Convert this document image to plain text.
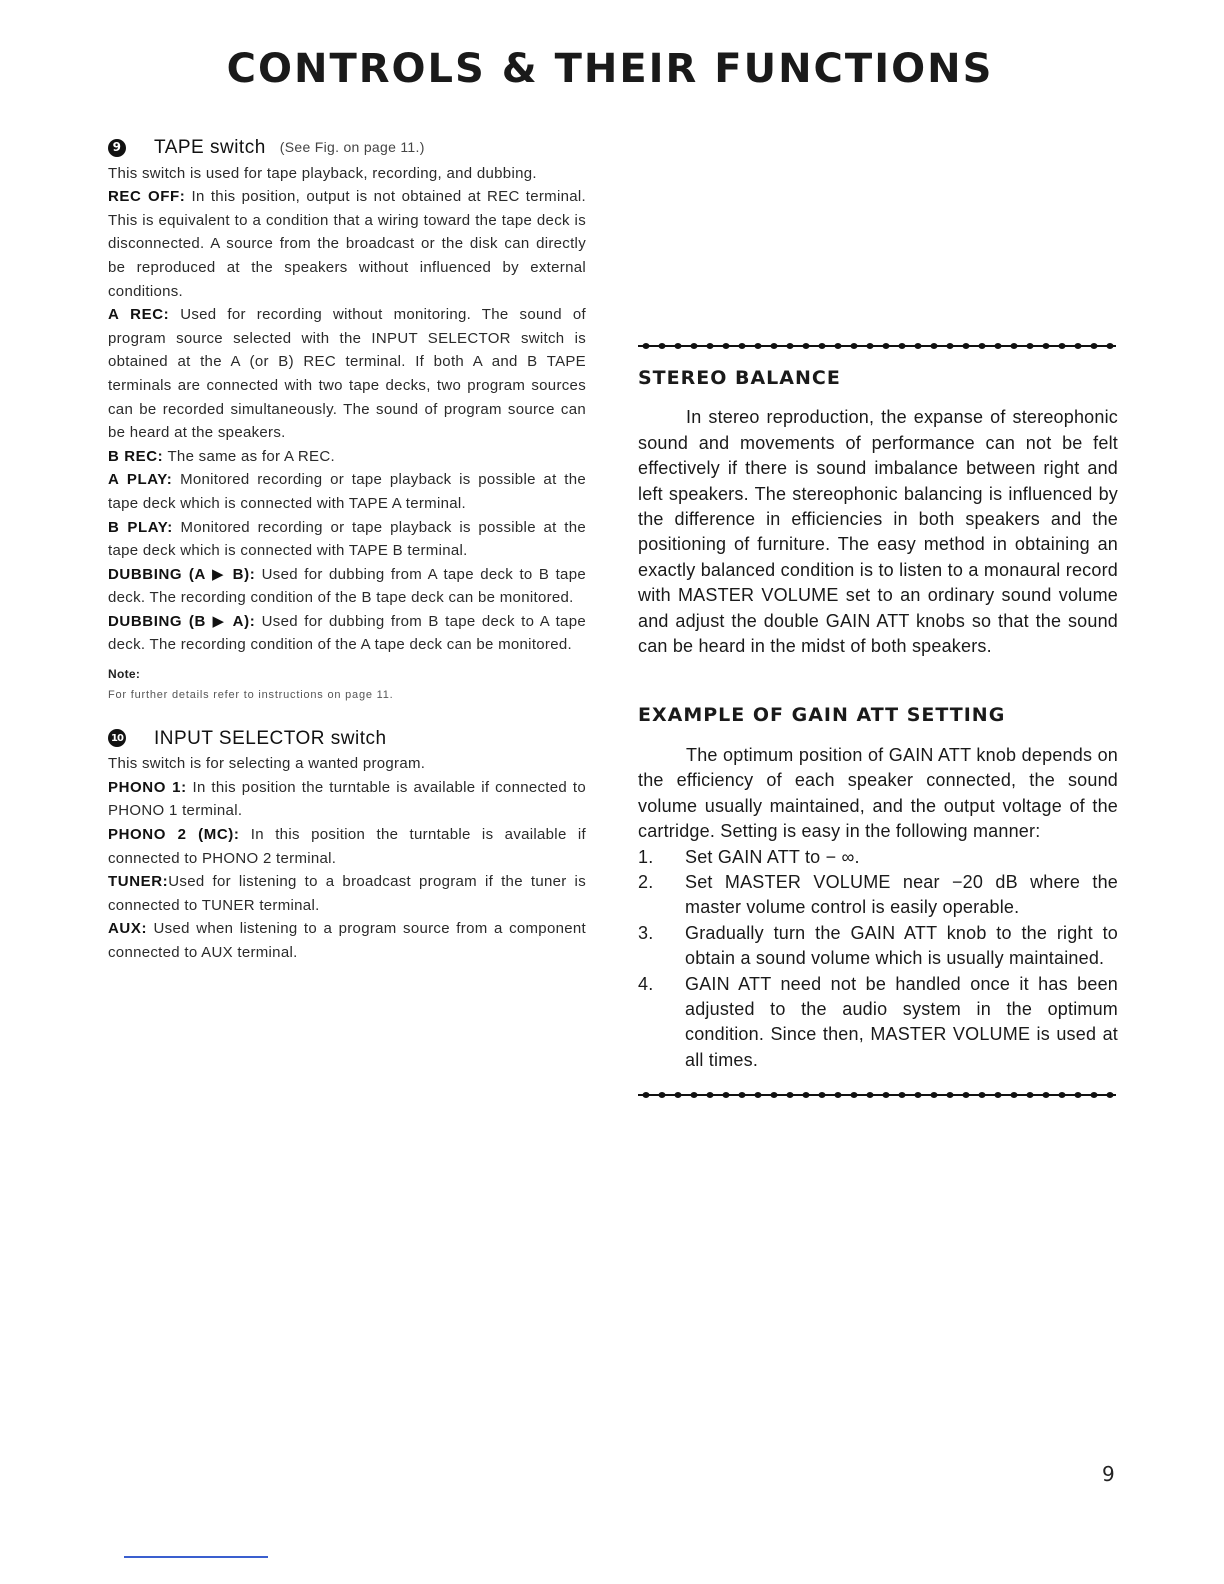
CONTROLS & THEIR FUNCTIONS
9 TAPE switch (See Fig. on page 11.)

This switch is used for tape playback, recording, and dubbing.

REC OFF: In this position, output is not obtained at REC terminal. This is equivalent to a condition that a wiring toward the tape deck is disconnected. A source from the broadcast or the disk can directly be reproduced at the speakers without influenced by external conditions.

A REC: Used for recording without monitoring. The sound of program source selected with the INPUT SELECTOR switch is obtained at the A (or B) REC terminal. If both A and B TAPE terminals are connected with two tape decks, two program sources can be recorded simultaneously. The sound of program source can be heard at the speakers.

B REC: The same as for A REC.

A PLAY: Monitored recording or tape playback is possible at the tape deck which is connected with TAPE A terminal.

B PLAY: Monitored recording or tape playback is possible at the tape deck which is connected with TAPE B terminal.

DUBBING (A ▶ B): Used for dubbing from A tape deck to B tape deck. The recording condition of the B tape deck can be monitored.

DUBBING (B ▶ A): Used for dubbing from B tape deck to A tape deck. The recording condition of the A tape deck can be monitored.

Note:

For further details refer to instructions on page 11.

10 INPUT SELECTOR switch

This switch is for selecting a wanted program.

PHONO 1: In this position the turntable is available if connected to PHONO 1 terminal.

PHONO 2 (MC): In this position the turntable is available if connected to PHONO 2 terminal.

TUNER:Used for listening to a broadcast program if the tuner is connected to TUNER terminal.

AUX: Used when listening to a program source from a component connected to AUX terminal.

STEREO BALANCE

In stereo reproduction, the expanse of stereophonic sound and movements of performance can not be felt effectively if there is sound imbalance between right and left speakers. The stereophonic balancing is influenced by the difference in efficiencies in both speakers and the positioning of furniture. The easy method in obtaining an exactly balanced condition is to listen to a monaural record with MASTER VOLUME set to an ordinary sound volume and adjust the double GAIN ATT knobs so that the sound can be heard in the midst of both speakers.

EXAMPLE OF GAIN ATT SETTING

The optimum position of GAIN ATT knob depends on the efficiency of each speaker connected, the sound volume usually maintained, and the output voltage of the cartridge. Setting is easy in the following manner:

1.	Set GAIN ATT to − ∞.
2.	Set MASTER VOLUME near −20 dB where the master volume control is easily operable.
3.	Gradually turn the GAIN ATT knob to the right to obtain a sound volume which is usually maintained.
4.	GAIN ATT need not be handled once it has been adjusted to the audio system in the optimum condition. Since then, MASTER VOLUME is used at all times.
9
